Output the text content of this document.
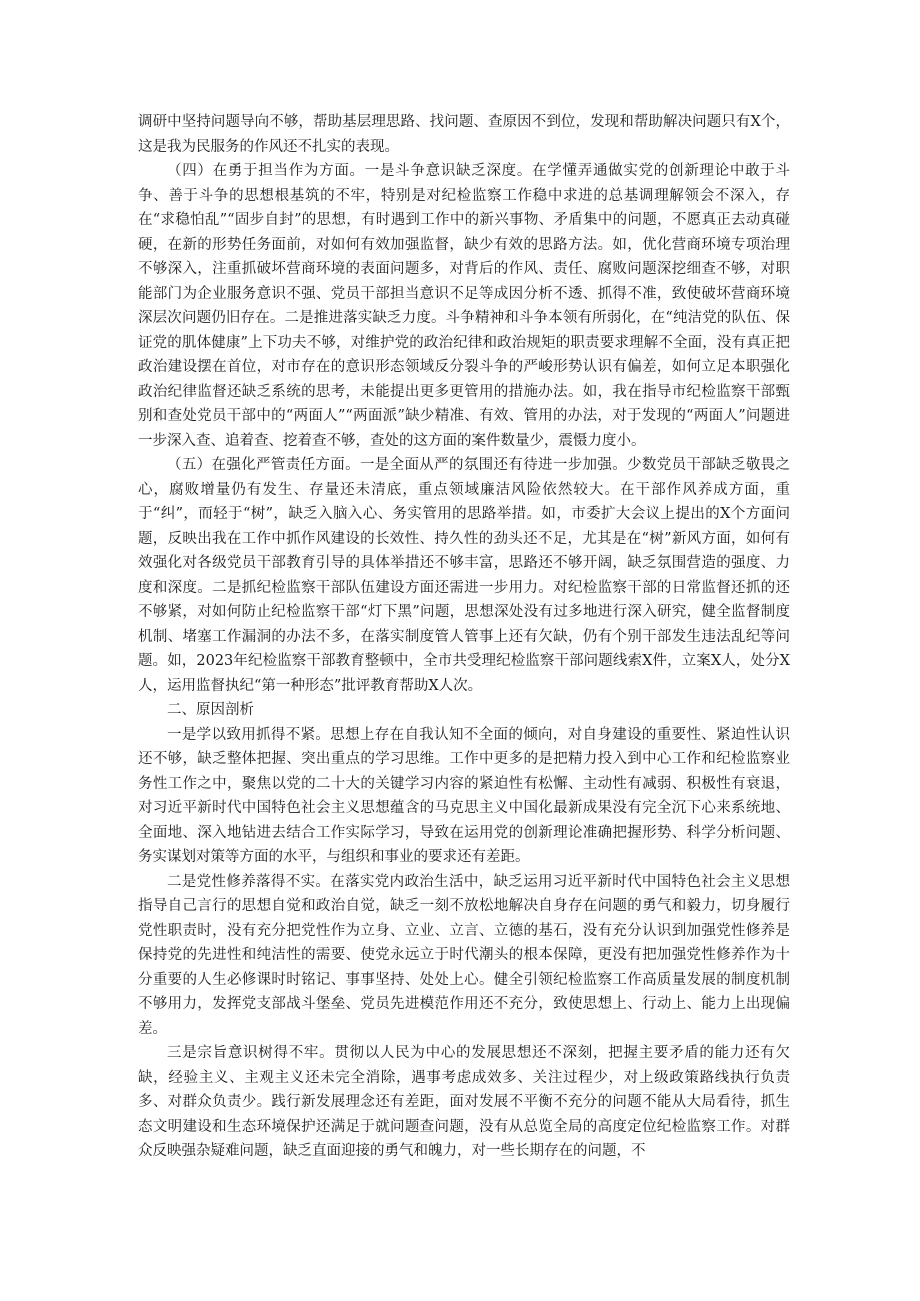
调研中坚持问题导向不够，帮助基层理思路、找问题、查原因不到位，发现和帮助解决问题只有X个，这是我为民服务的作风还不扎实的表现。

（四）在勇于担当作为方面。一是斗争意识缺乏深度。在学懂弄通做实党的创新理论中敢于斗争、善于斗争的思想根基筑的不牢，特别是对纪检监察工作稳中求进的总基调理解领会不深入，存在“求稳怕乱”“固步自封”的思想，有时遇到工作中的新兴事物、矛盾集中的问题，不愿真正去动真碰硬，在新的形势任务面前，对如何有效加强监督，缺少有效的思路方法。如，优化营商环境专项治理不够深入，注重抓破坏营商环境的表面问题多，对背后的作风、责任、腐败问题深挖细查不够，对职能部门为企业服务意识不强、党员干部担当意识不足等成因分析不透、抓得不准，致使破坏营商环境深层次问题仍旧存在。二是推进落实缺乏力度。斗争精神和斗争本领有所弱化，在“纯洁党的队伍、保证党的肌体健康”上下功夫不够，对维护党的政治纪律和政治规矩的职责要求理解不全面，没有真正把政治建设摆在首位，对市存在的意识形态领域反分裂斗争的严峻形势认识有偏差，如何立足本职强化政治纪律监督还缺乏系统的思考，未能提出更多更管用的措施办法。如，我在指导市纪检监察干部甄别和查处党员干部中的“两面人”“两面派”缺少精准、有效、管用的办法，对于发现的“两面人”问题进一步深入查、追着查、挖着查不够，查处的这方面的案件数量少，震慑力度小。

（五）在强化严管责任方面。一是全面从严的氛围还有待进一步加强。少数党员干部缺乏敬畏之心，腐败增量仍有发生、存量还未清底，重点领域廉洁风险依然较大。在干部作风养成方面，重于“纠”，而轻于“树”，缺乏入脑入心、务实管用的思路举措。如，市委扩大会议上提出的X个方面问题，反映出我在工作中抓作风建设的长效性、持久性的劲头还不足，尤其是在“树”新风方面，如何有效强化对各级党员干部教育引导的具体举措还不够丰富，思路还不够开阔，缺乏氛围营造的强度、力度和深度。二是抓纪检监察干部队伍建设方面还需进一步用力。对纪检监察干部的日常监督还抓的还不够紧，对如何防止纪检监察干部“灯下黑”问题，思想深处没有过多地进行深入研究，健全监督制度机制、堵塞工作漏洞的办法不多，在落实制度管人管事上还有欠缺，仍有个别干部发生违法乱纪等问题。如，2023年纪检监察干部教育整顿中，全市共受理纪检监察干部问题线索X件，立案X人，处分X人，运用监督执纪“第一种形态”批评教育帮助X人次。

二、原因剖析

一是学以致用抓得不紧。思想上存在自我认知不全面的倾向，对自身建设的重要性、紧迫性认识还不够，缺乏整体把握、突出重点的学习思维。工作中更多的是把精力投入到中心工作和纪检监察业务性工作之中，聚焦以党的二十大的关键学习内容的紧迫性有松懈、主动性有减弱、积极性有衰退，对习近平新时代中国特色社会主义思想蕴含的马克思主义中国化最新成果没有完全沉下心来系统地、全面地、深入地钻进去结合工作实际学习，导致在运用党的创新理论准确把握形势、科学分析问题、务实谋划对策等方面的水平，与组织和事业的要求还有差距。

二是党性修养落得不实。在落实党内政治生活中，缺乏运用习近平新时代中国特色社会主义思想指导自己言行的思想自觉和政治自觉，缺乏一刻不放松地解决自身存在问题的勇气和毅力，切身履行党性职责时，没有充分把党性作为立身、立业、立言、立德的基石，没有充分认识到加强党性修养是保持党的先进性和纯洁性的需要、使党永远立于时代潮头的根本保障，更没有把加强党性修养作为十分重要的人生必修课时时铭记、事事坚持、处处上心。健全引领纪检监察工作高质量发展的制度机制不够用力，发挥党支部战斗堡垒、党员先进模范作用还不充分，致使思想上、行动上、能力上出现偏差。

三是宗旨意识树得不牢。贯彻以人民为中心的发展思想还不深刻，把握主要矛盾的能力还有欠缺，经验主义、主观主义还未完全消除，遇事考虑成效多、关注过程少，对上级政策路线执行负责多、对群众负责少。践行新发展理念还有差距，面对发展不平衡不充分的问题不能从大局看待，抓生态文明建设和生态环境保护还满足于就问题查问题，没有从总览全局的高度定位纪检监察工作。对群众反映强杂疑难问题，缺乏直面迎接的勇气和魄力，对一些长期存在的问题，不
